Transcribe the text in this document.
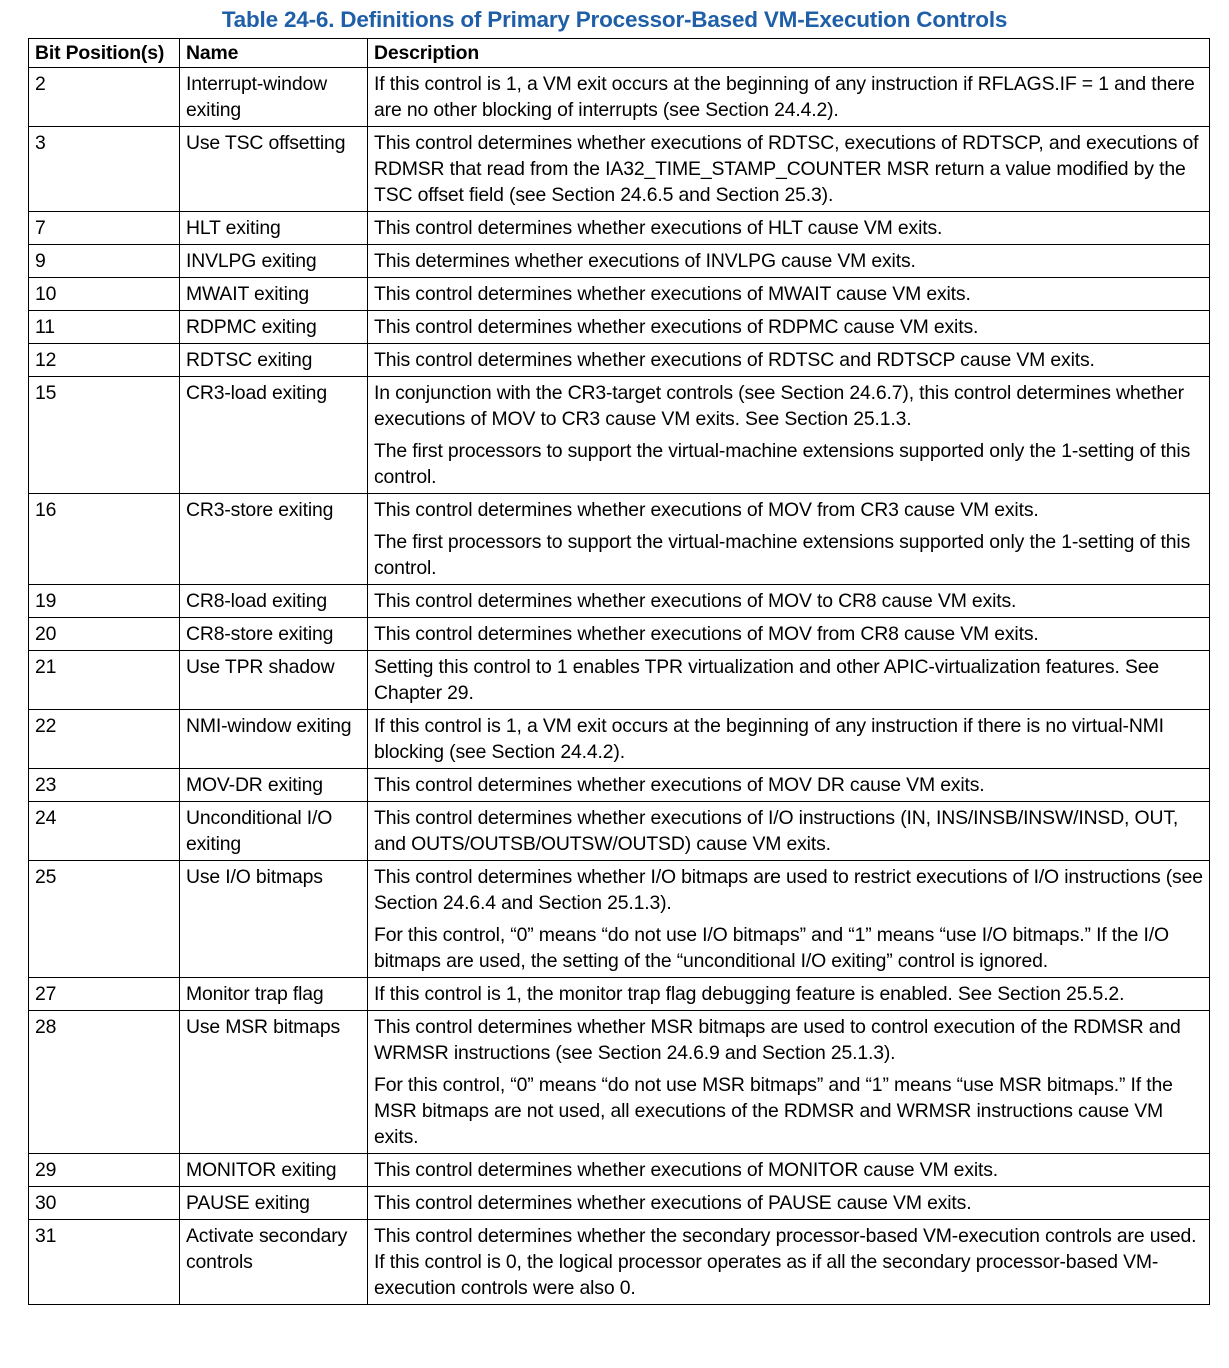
Table 24-6. Definitions of Primary Processor-Based VM-Execution Controls
Bit Position(s)	Name	Description
2	Interrupt-window exiting	If this control is 1, a VM exit occurs at the beginning of any instruction if RFLAGS.IF = 1 and there are no other blocking of interrupts (see Section 24.4.2).

3	Use TSC offsetting	This control determines whether executions of RDTSC, executions of RDTSCP, and executions of RDMSR that read from the IA32_TIME_STAMP_COUNTER MSR return a value modified by the TSC offset field (see Section 24.6.5 and Section 25.3).

7	HLT exiting	This control determines whether executions of HLT cause VM exits.

9	INVLPG exiting	This determines whether executions of INVLPG cause VM exits.

10	MWAIT exiting	This control determines whether executions of MWAIT cause VM exits.

11	RDPMC exiting	This control determines whether executions of RDPMC cause VM exits.

12	RDTSC exiting	This control determines whether executions of RDTSC and RDTSCP cause VM exits.

15	CR3-load exiting	In conjunction with the CR3-target controls (see Section 24.6.7), this control determines whether executions of MOV to CR3 cause VM exits. See Section 25.1.3.
The first processors to support the virtual-machine extensions supported only the 1-setting of this control.

16	CR3-store exiting	This control determines whether executions of MOV from CR3 cause VM exits.
The first processors to support the virtual-machine extensions supported only the 1-setting of this control.

19	CR8-load exiting	This control determines whether executions of MOV to CR8 cause VM exits.

20	CR8-store exiting	This control determines whether executions of MOV from CR8 cause VM exits.

21	Use TPR shadow	Setting this control to 1 enables TPR virtualization and other APIC-virtualization features. See Chapter 29.

22	NMI-window exiting	If this control is 1, a VM exit occurs at the beginning of any instruction if there is no virtual-NMI blocking (see Section 24.4.2).

23	MOV-DR exiting	This control determines whether executions of MOV DR cause VM exits.

24	Unconditional I/O exiting	This control determines whether executions of I/O instructions (IN, INS/INSB/INSW/INSD, OUT, and OUTS/OUTSB/OUTSW/OUTSD) cause VM exits.

25	Use I/O bitmaps	This control determines whether I/O bitmaps are used to restrict executions of I/O instructions (see Section 24.6.4 and Section 25.1.3).
For this control, “0” means “do not use I/O bitmaps” and “1” means “use I/O bitmaps.” If the I/O bitmaps are used, the setting of the “unconditional I/O exiting” control is ignored.

27	Monitor trap flag	If this control is 1, the monitor trap flag debugging feature is enabled. See Section 25.5.2.

28	Use MSR bitmaps	This control determines whether MSR bitmaps are used to control execution of the RDMSR and WRMSR instructions (see Section 24.6.9 and Section 25.1.3).
For this control, “0” means “do not use MSR bitmaps” and “1” means “use MSR bitmaps.” If the MSR bitmaps are not used, all executions of the RDMSR and WRMSR instructions cause VM exits.

29	MONITOR exiting	This control determines whether executions of MONITOR cause VM exits.

30	PAUSE exiting	This control determines whether executions of PAUSE cause VM exits.

31	Activate secondary controls	This control determines whether the secondary processor-based VM-execution controls are used. If this control is 0, the logical processor operates as if all the secondary processor-based VM-execution controls were also 0.
